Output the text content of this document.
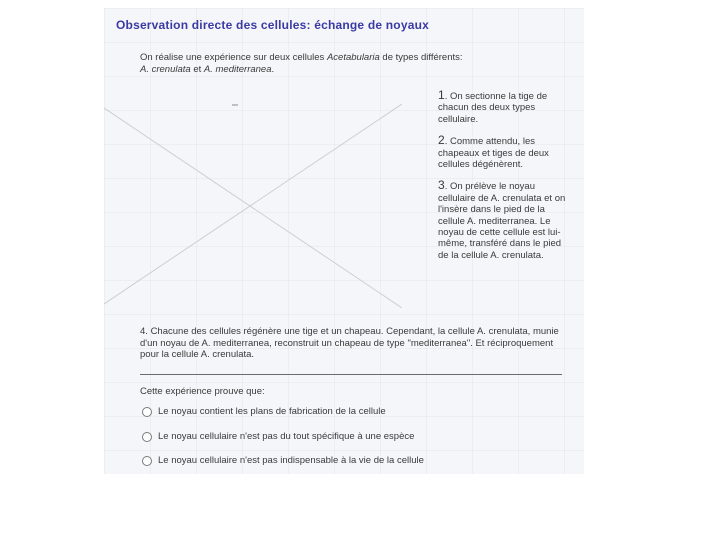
Observation directe des cellules: échange de noyaux
On réalise une expérience sur deux cellules Acetabularia de types différents:
A. crenulata et A. mediterranea.
1. On sectionne la tige de chacun des deux types cellulaire.
2. Comme attendu, les chapeaux et tiges de deux cellules dégénèrent.
3. On prélève le noyau cellulaire de A. crenulata et on l'insère dans le pied de la cellule A. mediterranea. Le noyau de cette cellule est lui-même, transféré dans le pied de la cellule A. crenulata.
4. Chacune des cellules régénère une tige et un chapeau. Cependant, la cellule A. crenulata, munie d'un noyau de A. mediterranea, reconstruit un chapeau de type "mediterranea". Et réciproquement pour la cellule A. crenulata.
Cette expérience prouve que:
Le noyau contient les plans de fabrication de la cellule
Le noyau cellulaire n'est pas du tout spécifique à une espèce
Le noyau cellulaire n'est pas indispensable à la vie de la cellule
